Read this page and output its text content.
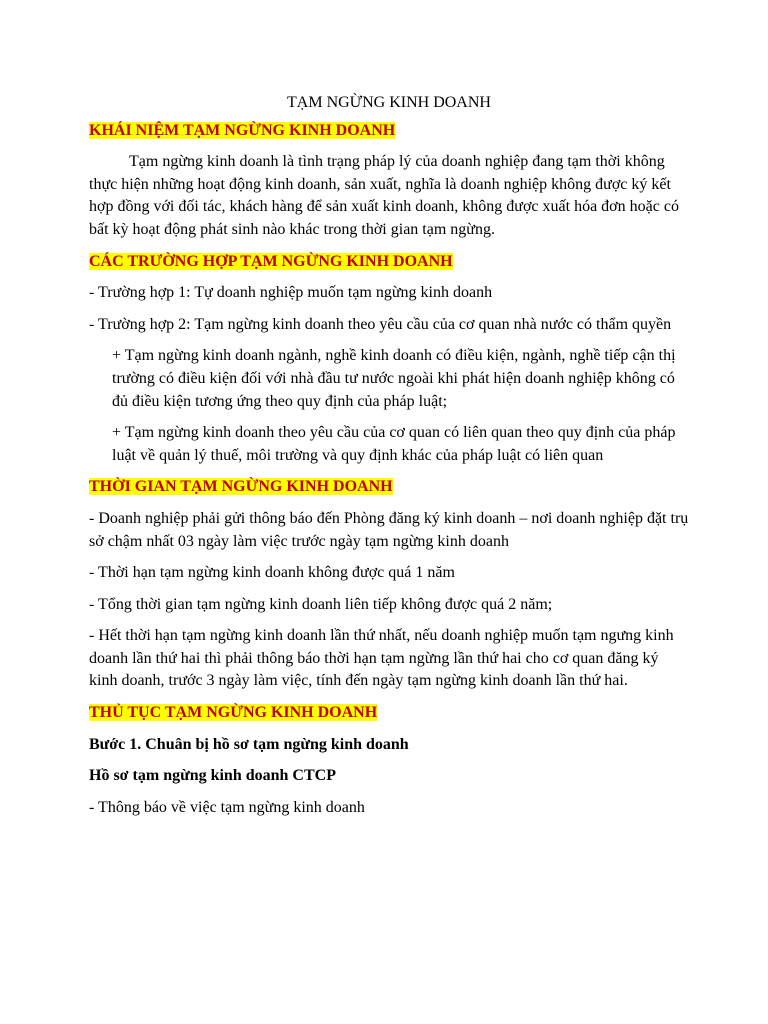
TẠM NGỪNG KINH DOANH
KHÁI NIỆM TẠM NGỪNG KINH DOANH

Tạm ngừng kinh doanh là tình trạng pháp lý của doanh nghiệp đang tạm thời không thực hiện những hoạt động kinh doanh, sản xuất, nghĩa là doanh nghiệp không được ký kết hợp đồng với đối tác, khách hàng để sản xuất kinh doanh, không được xuất hóa đơn hoặc có bất kỳ hoạt động phát sinh nào khác trong thời gian tạm ngừng.

CÁC TRƯỜNG HỢP TẠM NGỪNG KINH DOANH

- Trường hợp 1: Tự doanh nghiệp muốn tạm ngừng kinh doanh

- Trường hợp 2: Tạm ngừng kinh doanh theo yêu cầu của cơ quan nhà nước có thẩm quyền

+ Tạm ngừng kinh doanh ngành, nghề kinh doanh có điều kiện, ngành, nghề tiếp cận thị trường có điều kiện đối với nhà đầu tư nước ngoài khi phát hiện doanh nghiệp không có đủ điều kiện tương ứng theo quy định của pháp luật;

+ Tạm ngừng kinh doanh theo yêu cầu của cơ quan có liên quan theo quy định của pháp luật về quản lý thuế, môi trường và quy định khác của pháp luật có liên quan

THỜI GIAN TẠM NGỪNG KINH DOANH

- Doanh nghiệp phải gửi thông báo đến Phòng đăng ký kinh doanh – nơi doanh nghiệp đặt trụ sở chậm nhất 03 ngày làm việc trước ngày tạm ngừng kinh doanh

- Thời hạn tạm ngừng kinh doanh không được quá 1 năm

- Tổng thời gian tạm ngừng kinh doanh liên tiếp không được quá 2 năm;

- Hết thời hạn tạm ngừng kinh doanh lần thứ nhất, nếu doanh nghiệp muốn tạm ngưng kinh doanh lần thứ hai thì phải thông báo thời hạn tạm ngừng lần thứ hai cho cơ quan đăng ký kinh doanh, trước 3 ngày làm việc, tính đến ngày tạm ngừng kinh doanh lần thứ hai.

THỦ TỤC TẠM NGỪNG KINH DOANH

Bước 1. Chuân bị hồ sơ tạm ngừng kinh doanh

Hồ sơ tạm ngừng kinh doanh CTCP

- Thông báo về việc tạm ngừng kinh doanh
